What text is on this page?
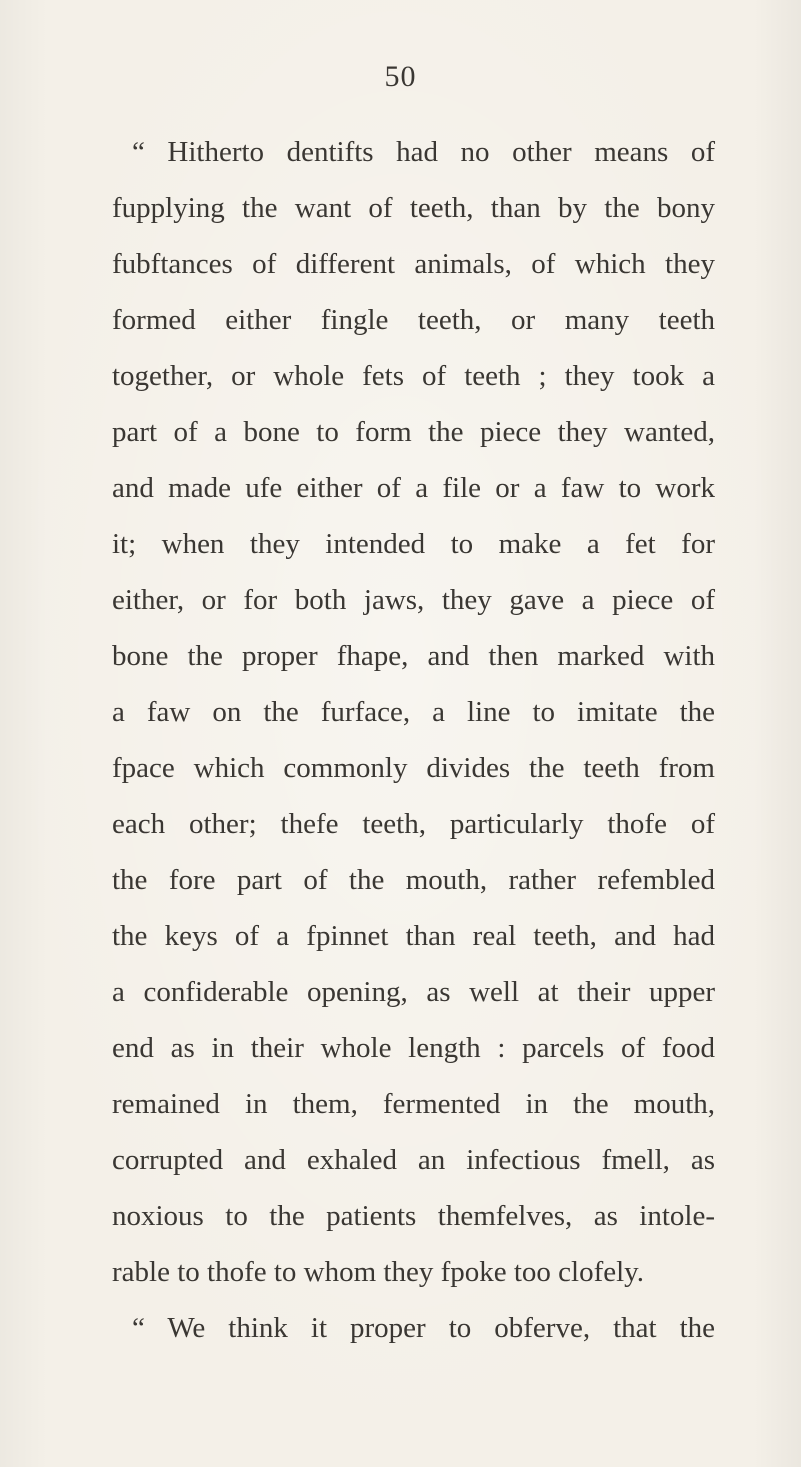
50
“ Hitherto dentifts had no other means of
fupplying the want of teeth, than by the bony
fubftances of different animals, of which they
formed either fingle teeth, or many teeth
together, or whole fets of teeth ; they took a
part of a bone to form the piece they wanted,
and made ufe either of a file or a faw to work
it; when they intended to make a fet for
either, or for both jaws, they gave a piece of
bone the proper fhape, and then marked with
a faw on the furface, a line to imitate the
fpace which commonly divides the teeth from
each other; thefe teeth, particularly thofe of
the fore part of the mouth, rather refembled
the keys of a fpinnet than real teeth, and had
a confiderable opening, as well at their upper
end as in their whole length : parcels of food
remained in them, fermented in the mouth,
corrupted and exhaled an infectious fmell, as
noxious to the patients themfelves, as intole-
rable to thofe to whom they fpoke too clofely.
“ We think it proper to obferve, that the
